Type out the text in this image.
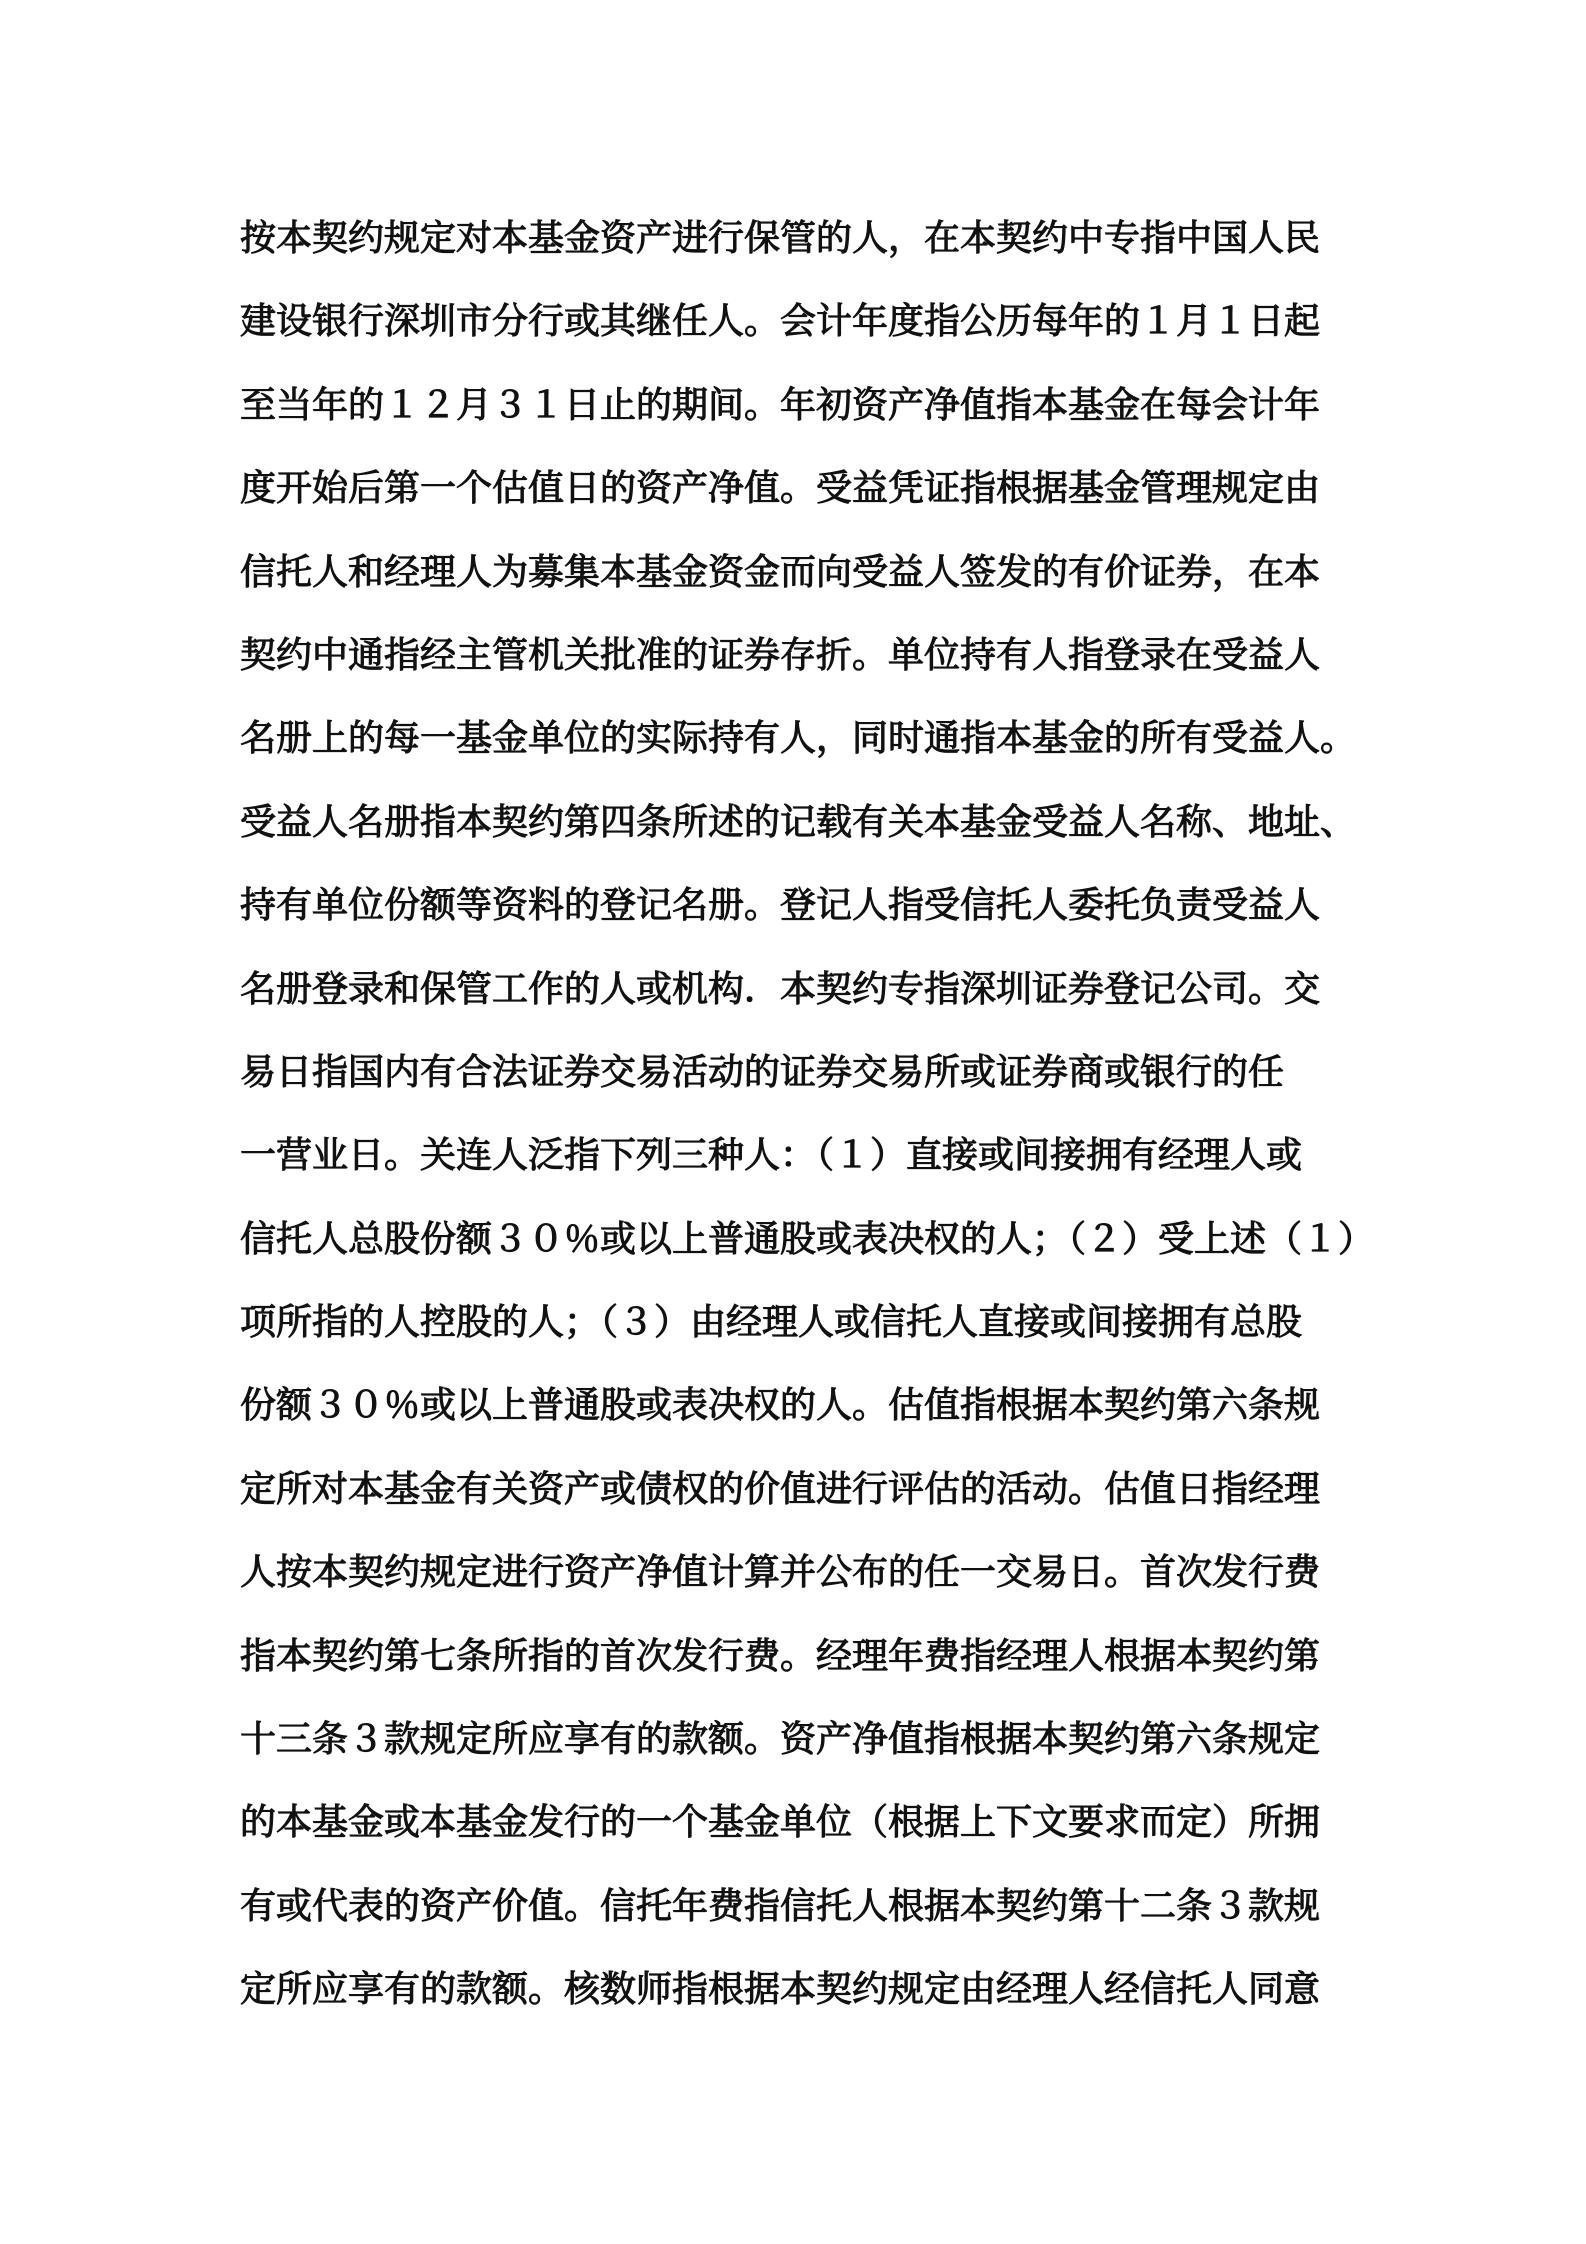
按本契约规定对本基金资产进行保管的人，在本契约中专指中国人民
建设银行深圳市分行或其继任人。会计年度指公历每年的１月１日起
至当年的１２月３１日止的期间。年初资产净值指本基金在每会计年
度开始后第一个估值日的资产净值。受益凭证指根据基金管理规定由
信托人和经理人为募集本基金资金而向受益人签发的有价证券，在本
契约中通指经主管机关批准的证券存折。单位持有人指登录在受益人
名册上的每一基金单位的实际持有人，同时通指本基金的所有受益人。
受益人名册指本契约第四条所述的记载有关本基金受益人名称、地址、
持有单位份额等资料的登记名册。登记人指受信托人委托负责受益人
名册登录和保管工作的人或机构．本契约专指深圳证券登记公司。交
易日指国内有合法证券交易活动的证券交易所或证券商或银行的任
一营业日。关连人泛指下列三种人：（１）直接或间接拥有经理人或
信托人总股份额３０％或以上普通股或表决权的人；（２）受上述（１）
项所指的人控股的人；（３）由经理人或信托人直接或间接拥有总股
份额３０％或以上普通股或表决权的人。估值指根据本契约第六条规
定所对本基金有关资产或债权的价值进行评估的活动。估值日指经理
人按本契约规定进行资产净值计算并公布的任一交易日。首次发行费
指本契约第七条所指的首次发行费。经理年费指经理人根据本契约第
十三条３款规定所应享有的款额。资产净值指根据本契约第六条规定
的本基金或本基金发行的一个基金单位（根据上下文要求而定）所拥
有或代表的资产价值。信托年费指信托人根据本契约第十二条３款规
定所应享有的款额。核数师指根据本契约规定由经理人经信托人同意
